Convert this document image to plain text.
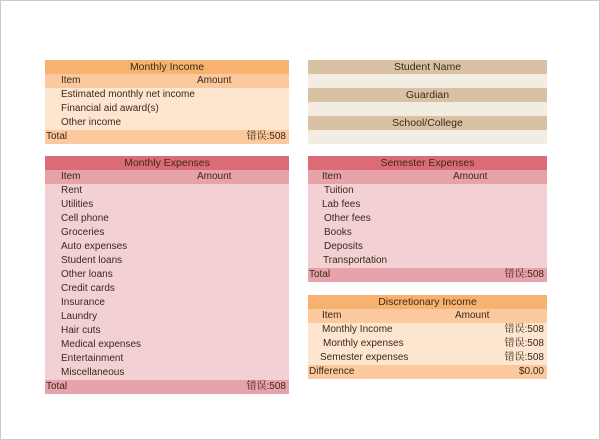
Monthly Income
Item	Amount
Estimated monthly net income
Financial aid award(s)
Other income
Total	错误:508
Student Name
Guardian
School/College
Monthly Expenses
Item	Amount
Rent
Utilities
Cell phone
Groceries
Auto expenses
Student loans
Other loans
Credit cards
Insurance
Laundry
Hair cuts
Medical expenses
Entertainment
Miscellaneous
Total	错误:508
Semester Expenses
Item	Amount
Tuition
Lab fees
Other fees
Books
Deposits
Transportation
Total	错误:508
Discretionary Income
Item	Amount
Monthly Income	错误:508
Monthly expenses	错误:508
Semester expenses	错误:508
Difference	$0.00
